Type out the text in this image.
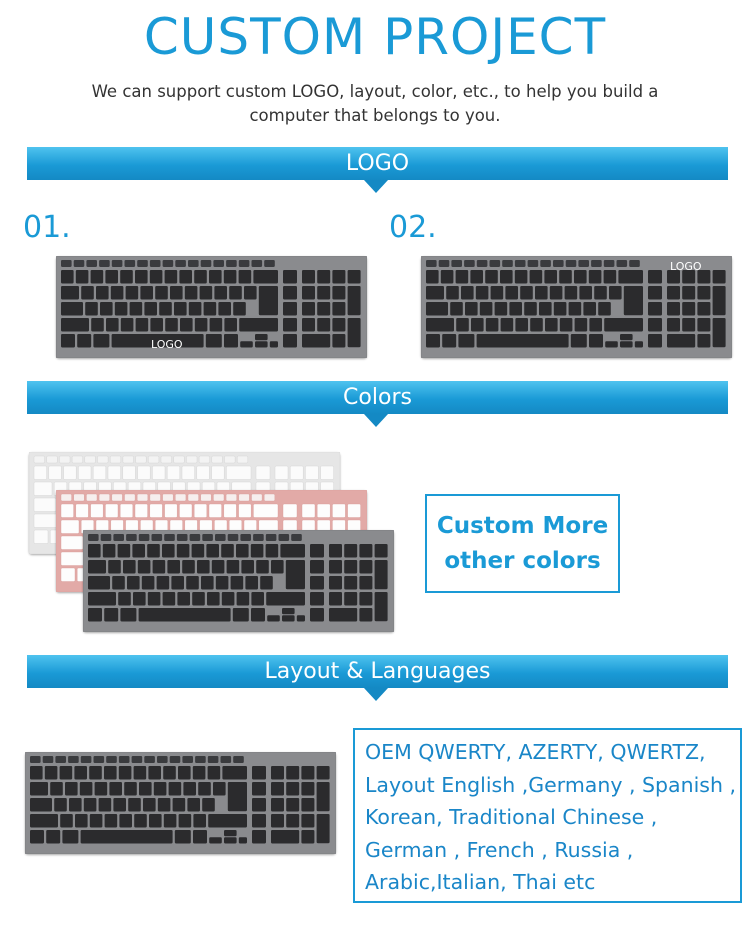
CUSTOM PROJECT
We can support custom LOGO, layout, color, etc., to help you build a computer that belongs to you.
LOGO
01.	02.
LOGO
LOGO
Colors
Custom More
other colors
Layout & Languages
OEM QWERTY, AZERTY, QWERTZ,
Layout English ,Germany , Spanish ,
Korean, Traditional Chinese ,
German , French , Russia ,
Arabic,Italian, Thai etc
